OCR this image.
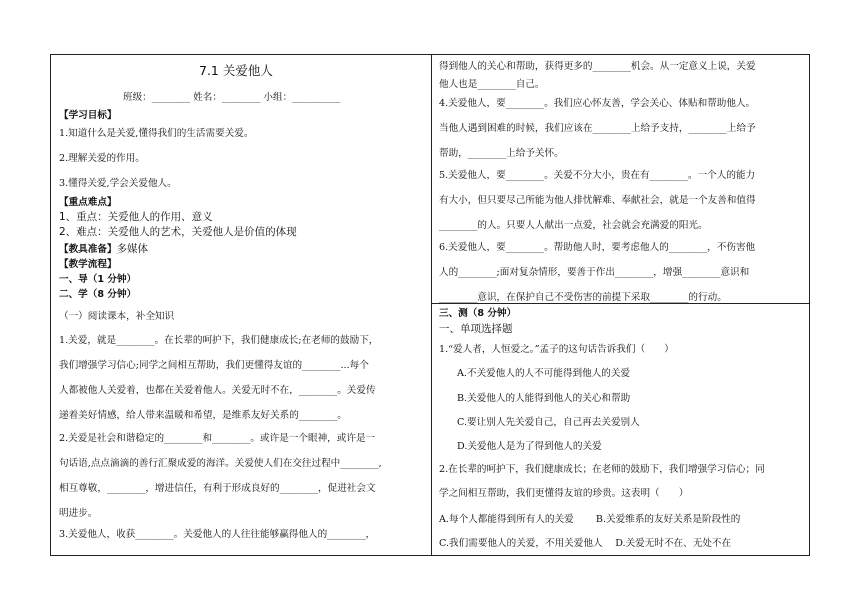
7.1 关爱他人
班级：________ 姓名：________ 小组：__________
【学习目标】
1.知道什么是关爱,懂得我们的生活需要关爱。
2.理解关爱的作用。
3.懂得关爱,学会关爱他人。
【重点难点】
1、重点：关爱他人的作用、意义
2、难点：关爱他人的艺术，关爱他人是价值的体现
【教具准备】多媒体
【教学流程】
一、导（1 分钟）
二、学（8 分钟）
（一）阅读课本，补全知识
1.关爱，就是________。在长辈的呵护下，我们健康成长;在老师的鼓励下，
我们增强学习信心;同学之间相互帮助，我们更懂得友谊的________...每个
人都被他人关爱着，也都在关爱着他人。关爱无时不在，________。关爱传
递着美好情感，给人带来温暖和希望，是维系友好关系的________。
2.关爱是社会和谐稳定的________和________。或许是一个眼神，或许是一
句话语,点点滴滴的善行汇聚成爱的海洋。关爱使人们在交往过程中________,
相互尊敬，________，增进信任，有利于形成良好的________，促进社会文
明进步。
3.关爱他人，收获________。关爱他人的人往往能够赢得他人的________，
得到他人的关心和帮助，获得更多的________机会。从一定意义上说，关爱
他人也是________自己。
4.关爱他人，要________。我们应心怀友善，学会关心、体贴和帮助他人。
当他人遇到困难的时候，我们应该在________上给予支持，________上给予
帮助，________上给予关怀。
5.关爱他人，要________。关爱不分大小，贵在有________。一个人的能力
有大小，但只要尽己所能为他人排忧解难、奉献社会，就是一个友善和值得
________的人。只要人人献出一点爱，社会就会充满爱的阳光。
6.关爱他人，要________。帮助他人时，要考虑他人的________，不伤害他
人的________;面对复杂情形，要善于作出________，增强________意识和
________意识，在保护自己不受伤害的前提下采取________的行动。
三、测（8 分钟）
一、单项选择题
1.“爱人者，人恒爱之。”孟子的这句话告诉我们（　　）
A.不关爱他人的人不可能得到他人的关爱
B.关爱他人的人能得到他人的关心和帮助
C.要让别人先关爱自己，自己再去关爱别人
D.关爱他人是为了得到他人的关爱
2.在长辈的呵护下，我们健康成长；在老师的鼓励下，我们增强学习信心；同
学之间相互帮助，我们更懂得友谊的珍贵。这表明（　　）
A.每个人都能得到所有人的关爱　　 B.关爱维系的友好关系是阶段性的
C.我们需要他人的关爱，不用关爱他人　 D.关爱无时不在、无处不在
